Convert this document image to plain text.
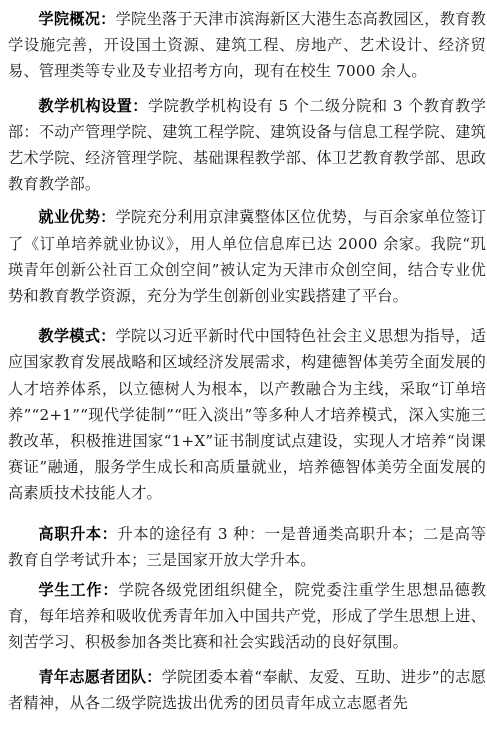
学院概况：学院坐落于天津市滨海新区大港生态高教园区，教育教学设施完善，开设国土资源、建筑工程、房地产、艺术设计、经济贸易、管理类等专业及专业招考方向，现有在校生 7000 余人。

教学机构设置：学院教学机构设有 5 个二级分院和 3 个教育教学部：不动产管理学院、建筑工程学院、建筑设备与信息工程学院、建筑艺术学院、经济管理学院、基础课程教学部、体卫艺教育教学部、思政教育教学部。

就业优势：学院充分利用京津冀整体区位优势，与百余家单位签订了《订单培养就业协议》，用人单位信息库已达 2000 余家。我院“玑瑛青年创新公社百工众创空间”被认定为天津市众创空间，结合专业优势和教育教学资源，充分为学生创新创业实践搭建了平台。

教学模式：学院以习近平新时代中国特色社会主义思想为指导，适应国家教育发展战略和区域经济发展需求，构建德智体美劳全面发展的人才培养体系，以立德树人为根本，以产教融合为主线，采取“订单培养”“2+1”“现代学徒制”“旺入淡出”等多种人才培养模式，深入实施三教改革，积极推进国家“1+X”证书制度试点建设，实现人才培养“岗课赛证”融通，服务学生成长和高质量就业，培养德智体美劳全面发展的高素质技术技能人才。

高职升本：升本的途径有 3 种：一是普通类高职升本；二是高等教育自学考试升本；三是国家开放大学升本。

学生工作：学院各级党团组织健全，院党委注重学生思想品德教育，每年培养和吸收优秀青年加入中国共产党，形成了学生思想上进、刻苦学习、积极参加各类比赛和社会实践活动的良好氛围。

青年志愿者团队：学院团委本着“奉献、友爱、互助、进步”的志愿者精神，从各二级学院选拔出优秀的团员青年成立志愿者先
